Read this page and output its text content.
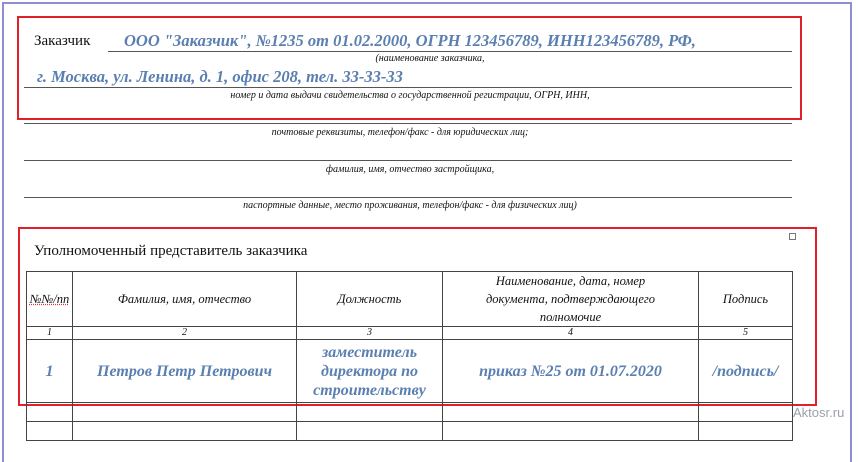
Заказчик ООО "Заказчик", №1235 от 01.02.2000, ОГРН 123456789, ИНН123456789, РФ,
(наименование заказчика,
г. Москва, ул. Ленина, д. 1, офис 208, тел. 33-33-33
номер и дата выдачи свидетельства о государственной регистрации, ОГРН, ИНН,
почтовые реквизиты, телефон/факс - для юридических лиц;
фамилия, имя, отчество застройщика,
паспортные данные, место проживания, телефон/факс - для физических лиц)
Уполномоченный представитель заказчика
№№/пп	Фамилия, имя, отчество	Должность	Наименование, дата, номер документа, подтверждающего полномочие	Подпись
1	2	3	4	5
1	Петров Петр Петрович	заместитель директора по строительству	приказ №25 от 01.07.2020	/подпись/

Aktosr.ru
